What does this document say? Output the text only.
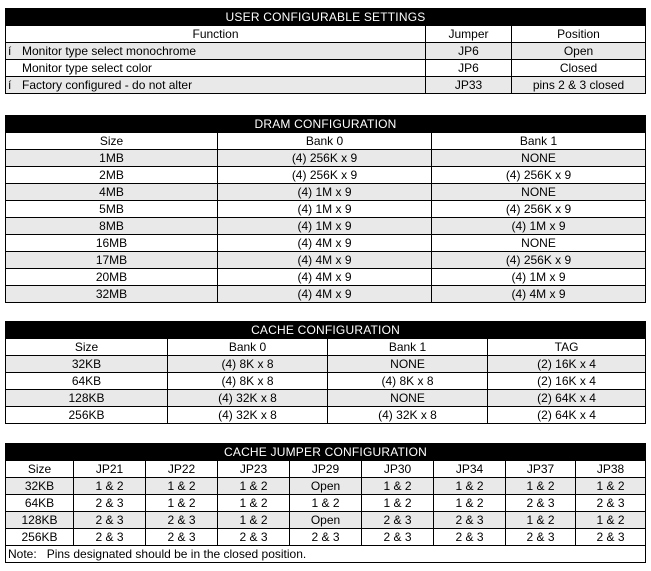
USER CONFIGURABLE SETTINGS		
Function	Jumper	Position
í Monitor type select monochrome	JP6	Open
Monitor type select color	JP6	Closed
í Factory configured - do not alter	JP33	pins 2 & 3 closed
DRAM CONFIGURATION		
Size	Bank 0	Bank 1
1MB	(4) 256K x 9	NONE
2MB	(4) 256K x 9	(4) 256K x 9
4MB	(4) 1M x 9	NONE
5MB	(4) 1M x 9	(4) 256K x 9
8MB	(4) 1M x 9	(4) 1M x 9
16MB	(4) 4M x 9	NONE
17MB	(4) 4M x 9	(4) 256K x 9
20MB	(4) 4M x 9	(4) 1M x 9
32MB	(4) 4M x 9	(4) 4M x 9
CACHE CONFIGURATION			
Size	Bank 0	Bank 1	TAG
32KB	(4) 8K x 8	NONE	(2) 16K x 4
64KB	(4) 8K x 8	(4) 8K x 8	(2) 16K x 4
128KB	(4) 32K x 8	NONE	(2) 64K x 4
256KB	(4) 32K x 8	(4) 32K x 8	(2) 64K x 4
CACHE JUMPER CONFIGURATION								
Size	JP21	JP22	JP23	JP29	JP30	JP34	JP37	JP38
32KB	1 & 2	1 & 2	1 & 2	Open	1 & 2	1 & 2	1 & 2	1 & 2
64KB	2 & 3	1 & 2	1 & 2	1 & 2	1 & 2	1 & 2	2 & 3	2 & 3
128KB	2 & 3	2 & 3	1 & 2	Open	2 & 3	2 & 3	1 & 2	1 & 2
256KB	2 & 3	2 & 3	2 & 3	2 & 3	2 & 3	2 & 3	2 & 3	2 & 3
Note: Pins designated should be in the closed position.								
